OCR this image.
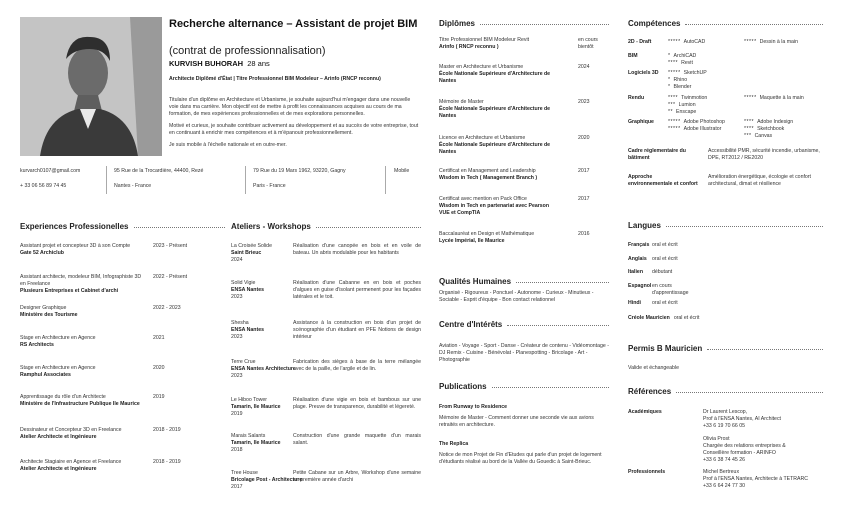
Recherche alternance – Assistant de projet BIM
(contrat de professionnalisation)
KURVISH BUHORAH 28 ans
Architecte Diplômé d'État | Titre Professionnel BIM Modeleur – Arinfo (RNCP reconnu)

Titulaire d'un diplôme en Architecture et Urbanisme, je souhaite aujourd'hui m'engager dans une nouvelle voie dans ma carrière. Mon objectif est de mettre à profit les connaissances acquises au cours de ma formation, de mes expériences professionnelles et de mes explorations personnelles.

Motivé et curieux, je souhaite contribuer activement au développement et au succès de votre entreprise, tout en continuant à enrichir mes compétences et à m'épanouir professionnellement.

Je suis mobile à l'échelle nationale et en outre-mer.

kurvarch0107@gmail.com
+ 33 06 56 89 74 45
95 Rue de la Trocardière, 44400, Rezé
Nantes - France
79 Rue du 19 Mars 1962, 93220, Gagny
Paris - France
Mobile
Experiences Professionelles	Ateliers - Workshops
Diplômes
Qualités Humaines
Centre d'Intérêts
Publications
Compétences
Langues
Permis B Mauricien
Références
Assistant projet et concepteur 3D à son Compte
Gate 52 Archiclub
2023 - Présent
Assistant architecte, modeleur BIM, Infographiste 3D en Freelance
Plusieurs Entreprises et Cabinet d'archi
2022 - Présent
Designer Graphique
Ministère des Tourisme
2022 - 2023
Stage en Architecture en Agence
RS Architects
2021
Stage en Architecture en Agence
Ramphul Associates
2020
Apprentissage du rôle d'un Architecte
Ministère de l'Infrastructure Publique Ile Maurice
2019
Dessinateur et Concepteur 3D en Freelance
Atelier Architecte et Ingénieure
2018 - 2019
Architecte Stagiaire en Agence et Freelance
Atelier Architecte et Ingénieure
2018 - 2019
La Croisée Solide
Saint Brieuc
2024
Réalisation d'une canopée en bois et en voile de bateau. Un abris modulable pour les habitants
Solid Vigie
ENSA Nantes
2023
Réalisation d'une Cabanne en en bois et poches d'algues en guise d'isolant permenent pour les façades latérales et le toit.
Shesha
ENSA Nantes
2023
Assistance à la construction en bois d'un projet de scénographie d'un étudiant en PFE Notions de design intérieur
Terre Crue
ENSA Nantes Architecture
2023
Fabrication des sièges à base de la terre mélangée avec de la paille, de l'argile et de lin.
Le Hiboo Tower
Tamarin, Ile Maurice
2019
Réalisation d'une vigie en bois et bambous sur une plage. Preuve de transparence, durabilité et légereté.
Marais Salants
Tamarin, Ile Maurice
2018
Construction d'une grande maquette d'un marais salant.
Tree House
Bricolage Post - Architecture
2017
Petite Cabane sur un Arbre, Workshop d'une semaine en première année d'archi
Titre Professionnel BIM Modeleur Revit
Arinfo ( RNCP reconnu )
en cours bientôt
Master en Architecture et Urbanisme
École Nationale Supérieure d'Architecture de Nantes
2024
Mémoire de Master
École Nationale Supérieure d'Architecture de Nantes
2023
Licence en Architecture et Urbanisme
École Nationale Supérieure d'Architecture de Nantes
2020
Certificat en Management and Leadership
Wisdom in Tech ( Management Branch )
2017
Certificat avec mention en Pack Office
Wisdom in Tech en partenariat avec Pearson VUE et CompTIA
2017
Baccalauréat en Design et Mathématique
Lycée Impérial, Ile Maurice
2016
Organisé - Rigoureux - Ponctuel - Autonome - Curieux - Minutieux - Sociable - Esprit d'équipe - Bon contact relationnel
Aviation - Voyage - Sport - Danse - Créateur de contenu - Vidéomontage - DJ Remix - Cuisine - Bénévolat - Planespotting - Bricolage - Art - Photographie
From Runway to Residence
Mémoire de Master - Comment donner une seconde vie aux avions retraités en architecture.
The Replica
Notice de mon Projet de Fin d'Etudes qui parle d'un projet de logement d'étudiants réalisé au bord de la Vallée du Gouedic à Saint-Brieuc.
2D - Draft	***** AutoCAD	***** Dessin à la main
BIM	* ArchiCAD
**** Revit
Logiciels 3D	***** SketchUP
* Rhino
* Blender
Rendu	**** Twinmotion	***** Maquette à la main
*** Lumion
** Enscape
Graphique	***** Adobe Photoshop	**** Adobe Indesign
***** Adobe Illustrator	**** Sketchbook
*** Canvas
Cadre réglementaire du bâtiment
Accessibilité PMR, sécurité incendie, urbanisme, DPE, RT2012 / RE2020
Approche environnementale et confort
Amélioration énergétique, écologie et confort architectural, dimat et résilience
Français oral et écrit
Anglais oral et écrit
Italien débutant
Espagnol en cours d'apprentissage
Hindi oral et écrit
Créole Mauricien oral et écrit
Valide et échangeable
Académiques	Dr Laurent Lescop,
Prof à l'ENSA Nantes, AI Architect
+33 6 19 70 66 05
Olivia Prost
Chargée des relations entreprises &
Conseillère formation - ARINFO
+33 6 38 74 45 26
Professionnels	Michel Bertreux
Prof à l'ENSA Nantes, Architecte à TETRARC
+33 6 64 24 77 30
